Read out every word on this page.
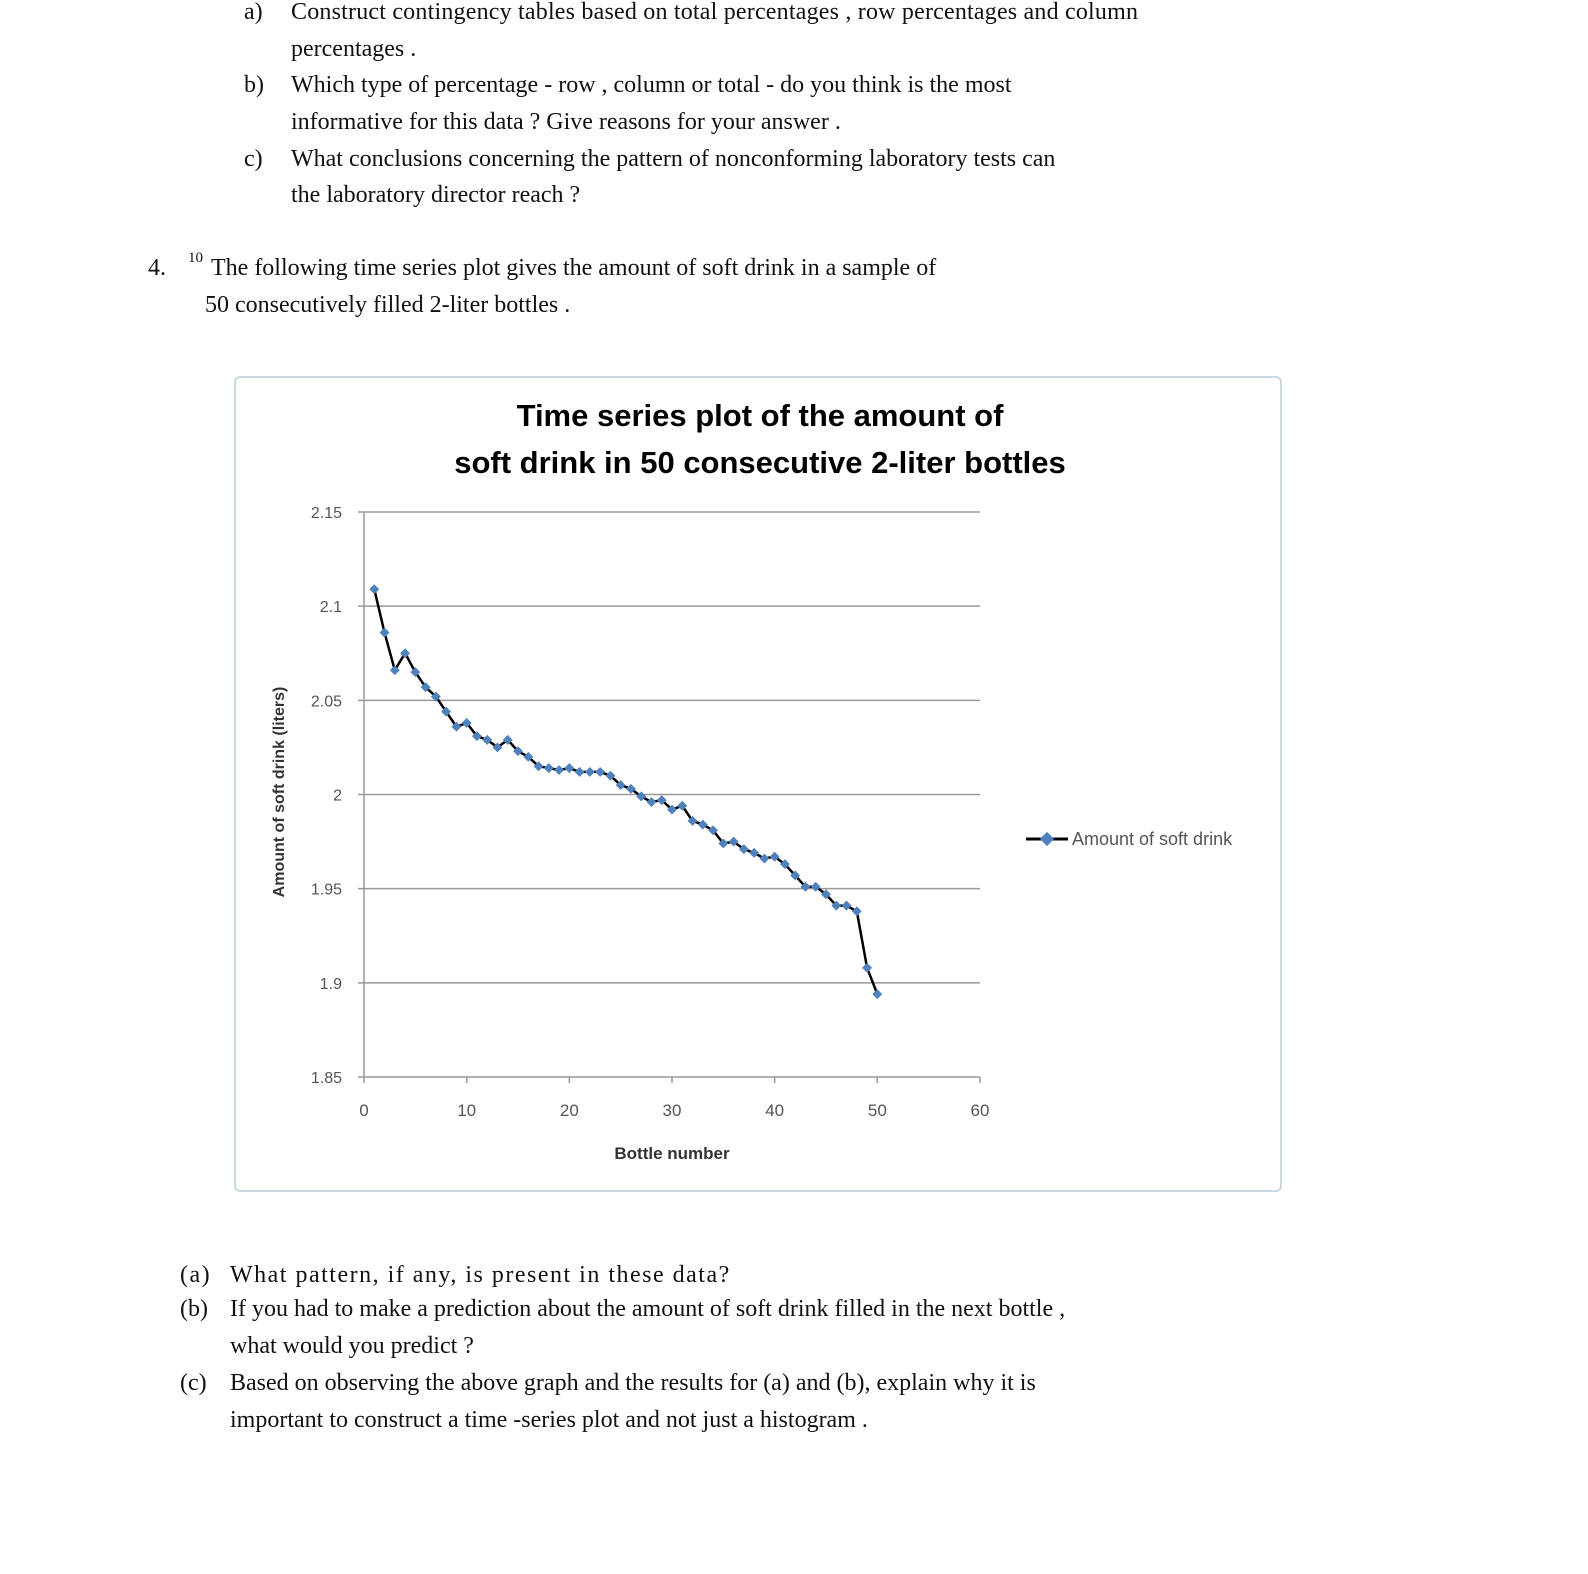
a) Construct contingency tables based on total percentages , row percentages and column
percentages .
b) Which type of percentage - row , column or total - do you think is the most
informative for this data ? Give reasons for your answer .
c) What conclusions concerning the pattern of nonconforming laboratory tests can
the laboratory director reach ?
4. 10 The following time series plot gives the amount of soft drink in a sample of
50 consecutively filled 2-liter bottles .
Time series plot of the amount of
soft drink in 50 consecutive 2-liter bottles
1.85
1.9
1.95
2
2.05
2.1
2.15
0	10	20	30	40	50	60
Amount of soft drink (liters)
Bottle number
Amount of soft drink
(a) What pattern, if any, is present in these data?
(b) If you had to make a prediction about the amount of soft drink filled in the next bottle ,
what would you predict ?
(c) Based on observing the above graph and the results for (a) and (b), explain why it is
important to construct a time -series plot and not just a histogram .
